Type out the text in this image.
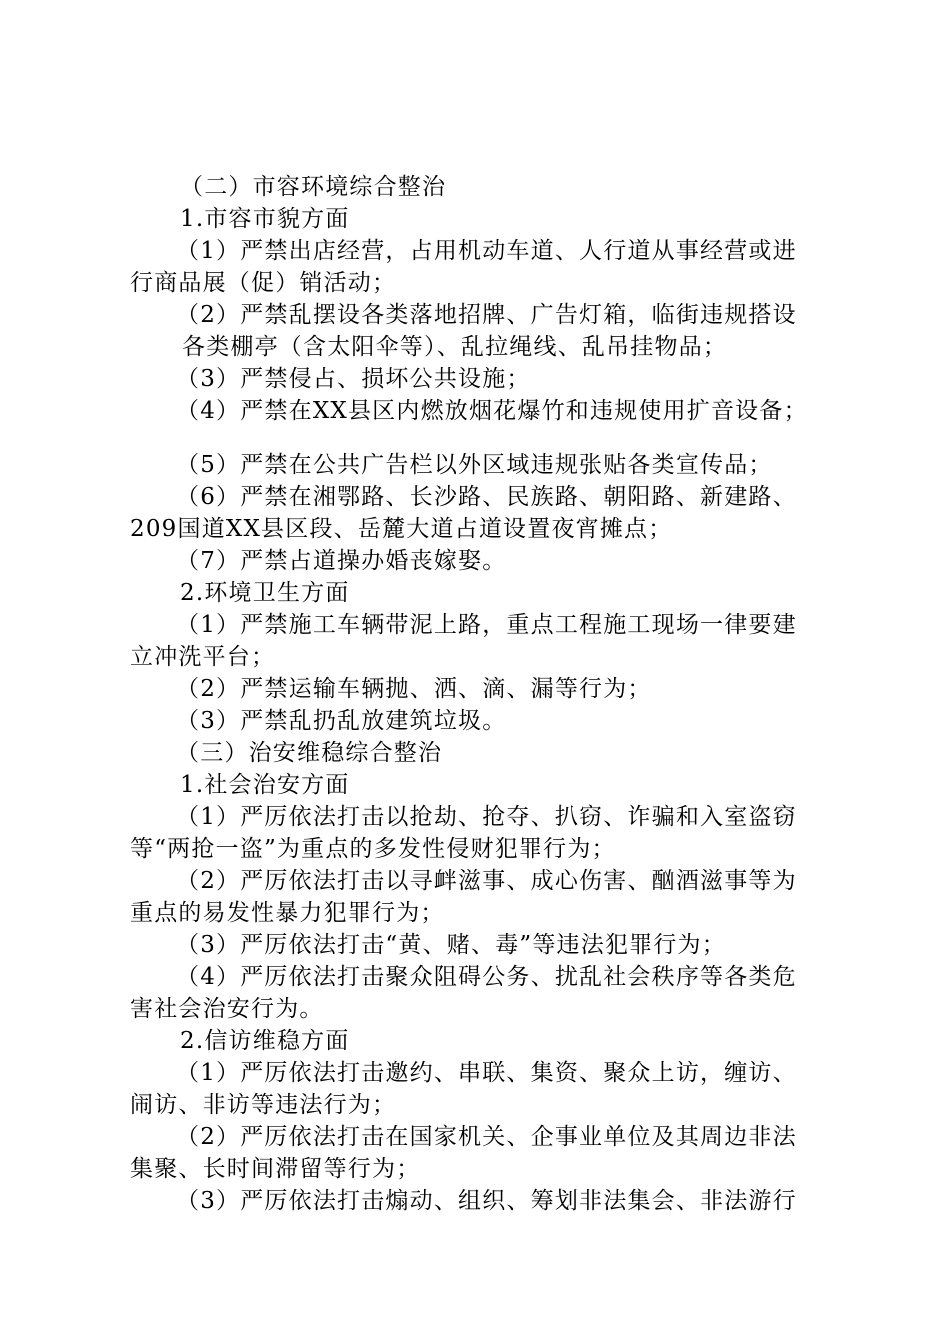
（二）市容环境综合整治
1.市容市貌方面
（1）严禁出店经营，占用机动车道、人行道从事经营或进
行商品展（促）销活动；
（2）严禁乱摆设各类落地招牌、广告灯箱，临街违规搭设
各类棚亭（含太阳伞等）、乱拉绳线、乱吊挂物品；
（3）严禁侵占、损坏公共设施；
（4）严禁在XX县区内燃放烟花爆竹和违规使用扩音设备；
（5）严禁在公共广告栏以外区域违规张贴各类宣传品；
（6）严禁在湘鄂路、长沙路、民族路、朝阳路、新建路、
209国道XX县区段、岳麓大道占道设置夜宵摊点；
（7）严禁占道操办婚丧嫁娶。
2.环境卫生方面
（1）严禁施工车辆带泥上路，重点工程施工现场一律要建
立冲洗平台；
（2）严禁运输车辆抛、洒、滴、漏等行为；
（3）严禁乱扔乱放建筑垃圾。
（三）治安维稳综合整治
1.社会治安方面
（1）严厉依法打击以抢劫、抢夺、扒窃、诈骗和入室盗窃
等“两抢一盗”为重点的多发性侵财犯罪行为；
（2）严厉依法打击以寻衅滋事、成心伤害、酗酒滋事等为
重点的易发性暴力犯罪行为；
（3）严厉依法打击“黄、赌、毒”等违法犯罪行为；
（4）严厉依法打击聚众阻碍公务、扰乱社会秩序等各类危
害社会治安行为。
2.信访维稳方面
（1）严厉依法打击邀约、串联、集资、聚众上访，缠访、
闹访、非访等违法行为；
（2）严厉依法打击在国家机关、企事业单位及其周边非法
集聚、长时间滞留等行为；
（3）严厉依法打击煽动、组织、筹划非法集会、非法游行
